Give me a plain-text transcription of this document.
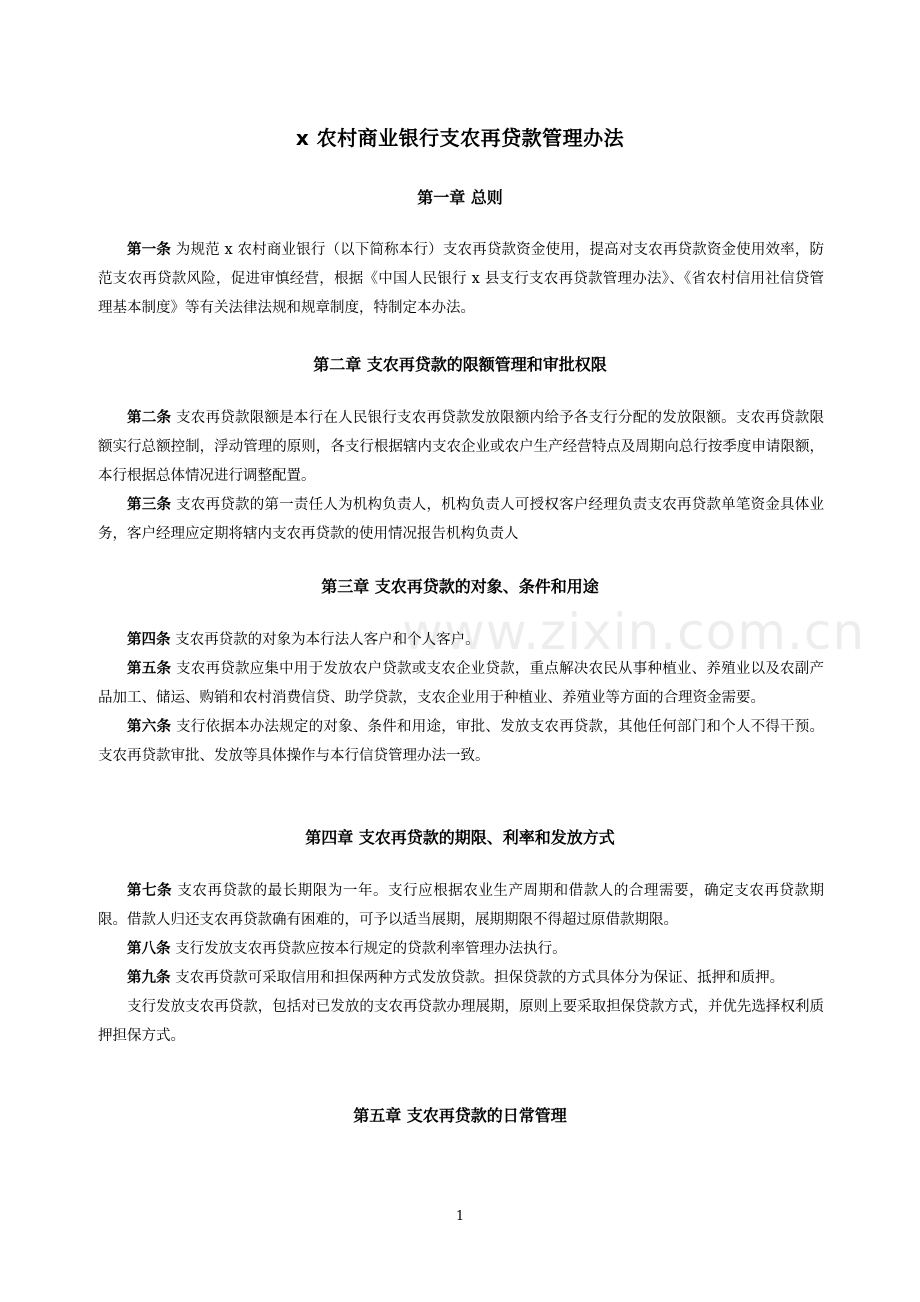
www.zixin.com.cn
x 农村商业银行支农再贷款管理办法
第一章 总则

第一条 为规范 x 农村商业银行（以下简称本行）支农再贷款资金使用，提高对支农再贷款资金使用效率，防范支农再贷款风险，促进审慎经营，根据《中国人民银行 x 县支行支农再贷款管理办法》、《省农村信用社信贷管理基本制度》等有关法律法规和规章制度，特制定本办法。

第二章 支农再贷款的限额管理和审批权限

第二条 支农再贷款限额是本行在人民银行支农再贷款发放限额内给予各支行分配的发放限额。支农再贷款限额实行总额控制，浮动管理的原则，各支行根据辖内支农企业或农户生产经营特点及周期向总行按季度申请限额，本行根据总体情况进行调整配置。

第三条 支农再贷款的第一责任人为机构负责人，机构负责人可授权客户经理负责支农再贷款单笔资金具体业务，客户经理应定期将辖内支农再贷款的使用情况报告机构负责人

第三章 支农再贷款的对象、条件和用途

第四条 支农再贷款的对象为本行法人客户和个人客户。

第五条 支农再贷款应集中用于发放农户贷款或支农企业贷款，重点解决农民从事种植业、养殖业以及农副产品加工、储运、购销和农村消费信贷、助学贷款，支农企业用于种植业、养殖业等方面的合理资金需要。

第六条 支行依据本办法规定的对象、条件和用途，审批、发放支农再贷款，其他任何部门和个人不得干预。支农再贷款审批、发放等具体操作与本行信贷管理办法一致。

第四章 支农再贷款的期限、利率和发放方式

第七条 支农再贷款的最长期限为一年。支行应根据农业生产周期和借款人的合理需要，确定支农再贷款期限。借款人归还支农再贷款确有困难的，可予以适当展期，展期期限不得超过原借款期限。

第八条 支行发放支农再贷款应按本行规定的贷款利率管理办法执行。

第九条 支农再贷款可采取信用和担保两种方式发放贷款。担保贷款的方式具体分为保证、抵押和质押。

支行发放支农再贷款，包括对已发放的支农再贷款办理展期，原则上要采取担保贷款方式，并优先选择权利质押担保方式。

第五章 支农再贷款的日常管理
1
